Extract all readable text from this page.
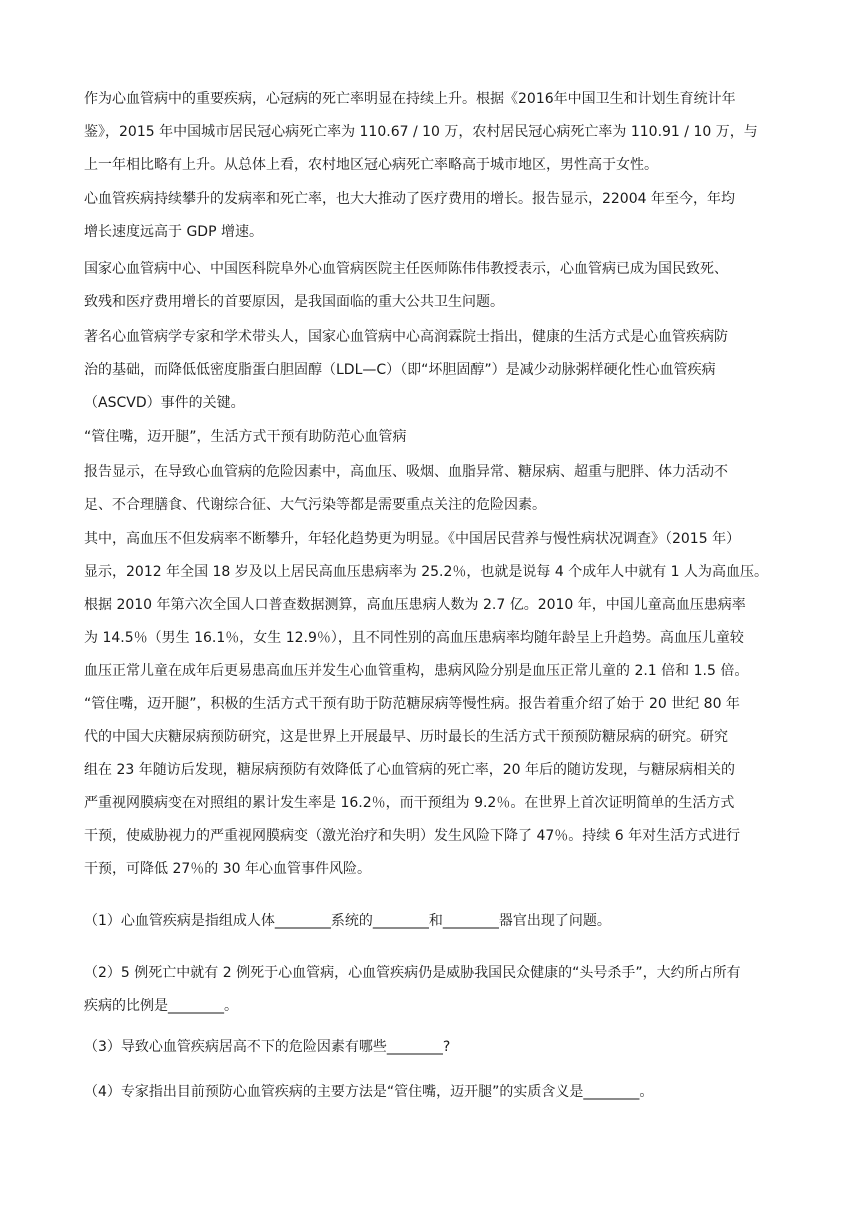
作为心血管病中的重要疾病，心冠病的死亡率明显在持续上升。根据《2016年中国卫生和计划生育统计年
鉴》，2015 年中国城市居民冠心病死亡率为 110.67 / 10 万，农村居民冠心病死亡率为 110.91 / 10 万，与
上一年相比略有上升。从总体上看，农村地区冠心病死亡率略高于城市地区，男性高于女性。
心血管疾病持续攀升的发病率和死亡率，也大大推动了医疗费用的增长。报告显示，22004 年至今，年均
增长速度远高于 GDP 增速。
国家心血管病中心、中国医科院阜外心血管病医院主任医师陈伟伟教授表示，心血管病已成为国民致死、
致残和医疗费用增长的首要原因，是我国面临的重大公共卫生问题。
著名心血管病学专家和学术带头人，国家心血管病中心高润霖院士指出，健康的生活方式是心血管疾病防
治的基础，而降低低密度脂蛋白胆固醇（LDL—C）（即“坏胆固醇”）是减少动脉粥样硬化性心血管疾病
（ASCVD）事件的关键。
“管住嘴，迈开腿”，生活方式干预有助防范心血管病
报告显示，在导致心血管病的危险因素中，高血压、吸烟、血脂异常、糖尿病、超重与肥胖、体力活动不
足、不合理膳食、代谢综合征、大气污染等都是需要重点关注的危险因素。
其中，高血压不但发病率不断攀升，年轻化趋势更为明显。《中国居民营养与慢性病状况调查》（2015 年）
显示，2012 年全国 18 岁及以上居民高血压患病率为 25.2％，也就是说每 4 个成年人中就有 1 人为高血压。
根据 2010 年第六次全国人口普查数据测算，高血压患病人数为 2.7 亿。2010 年，中国儿童高血压患病率
为 14.5％（男生 16.1％，女生 12.9％），且不同性别的高血压患病率均随年龄呈上升趋势。高血压儿童较
血压正常儿童在成年后更易患高血压并发生心血管重构，患病风险分别是血压正常儿童的 2.1 倍和 1.5 倍。
“管住嘴，迈开腿”，积极的生活方式干预有助于防范糖尿病等慢性病。报告着重介绍了始于 20 世纪 80 年
代的中国大庆糖尿病预防研究，这是世界上开展最早、历时最长的生活方式干预预防糖尿病的研究。研究
组在 23 年随访后发现，糖尿病预防有效降低了心血管病的死亡率，20 年后的随访发现，与糖尿病相关的
严重视网膜病变在对照组的累计发生率是 16.2％，而干预组为 9.2％。在世界上首次证明简单的生活方式
干预，使威胁视力的严重视网膜病变（激光治疗和失明）发生风险下降了 47％。持续 6 年对生活方式进行
干预，可降低 27％的 30 年心血管事件风险。
（1）心血管疾病是指组成人体________系统的________和________器官出现了问题。
（2）5 例死亡中就有 2 例死于心血管病，心血管疾病仍是威胁我国民众健康的“头号杀手”，大约所占所有
疾病的比例是________。
（3）导致心血管疾病居高不下的危险因素有哪些________?
（4）专家指出目前预防心血管疾病的主要方法是“管住嘴，迈开腿”的实质含义是________。
